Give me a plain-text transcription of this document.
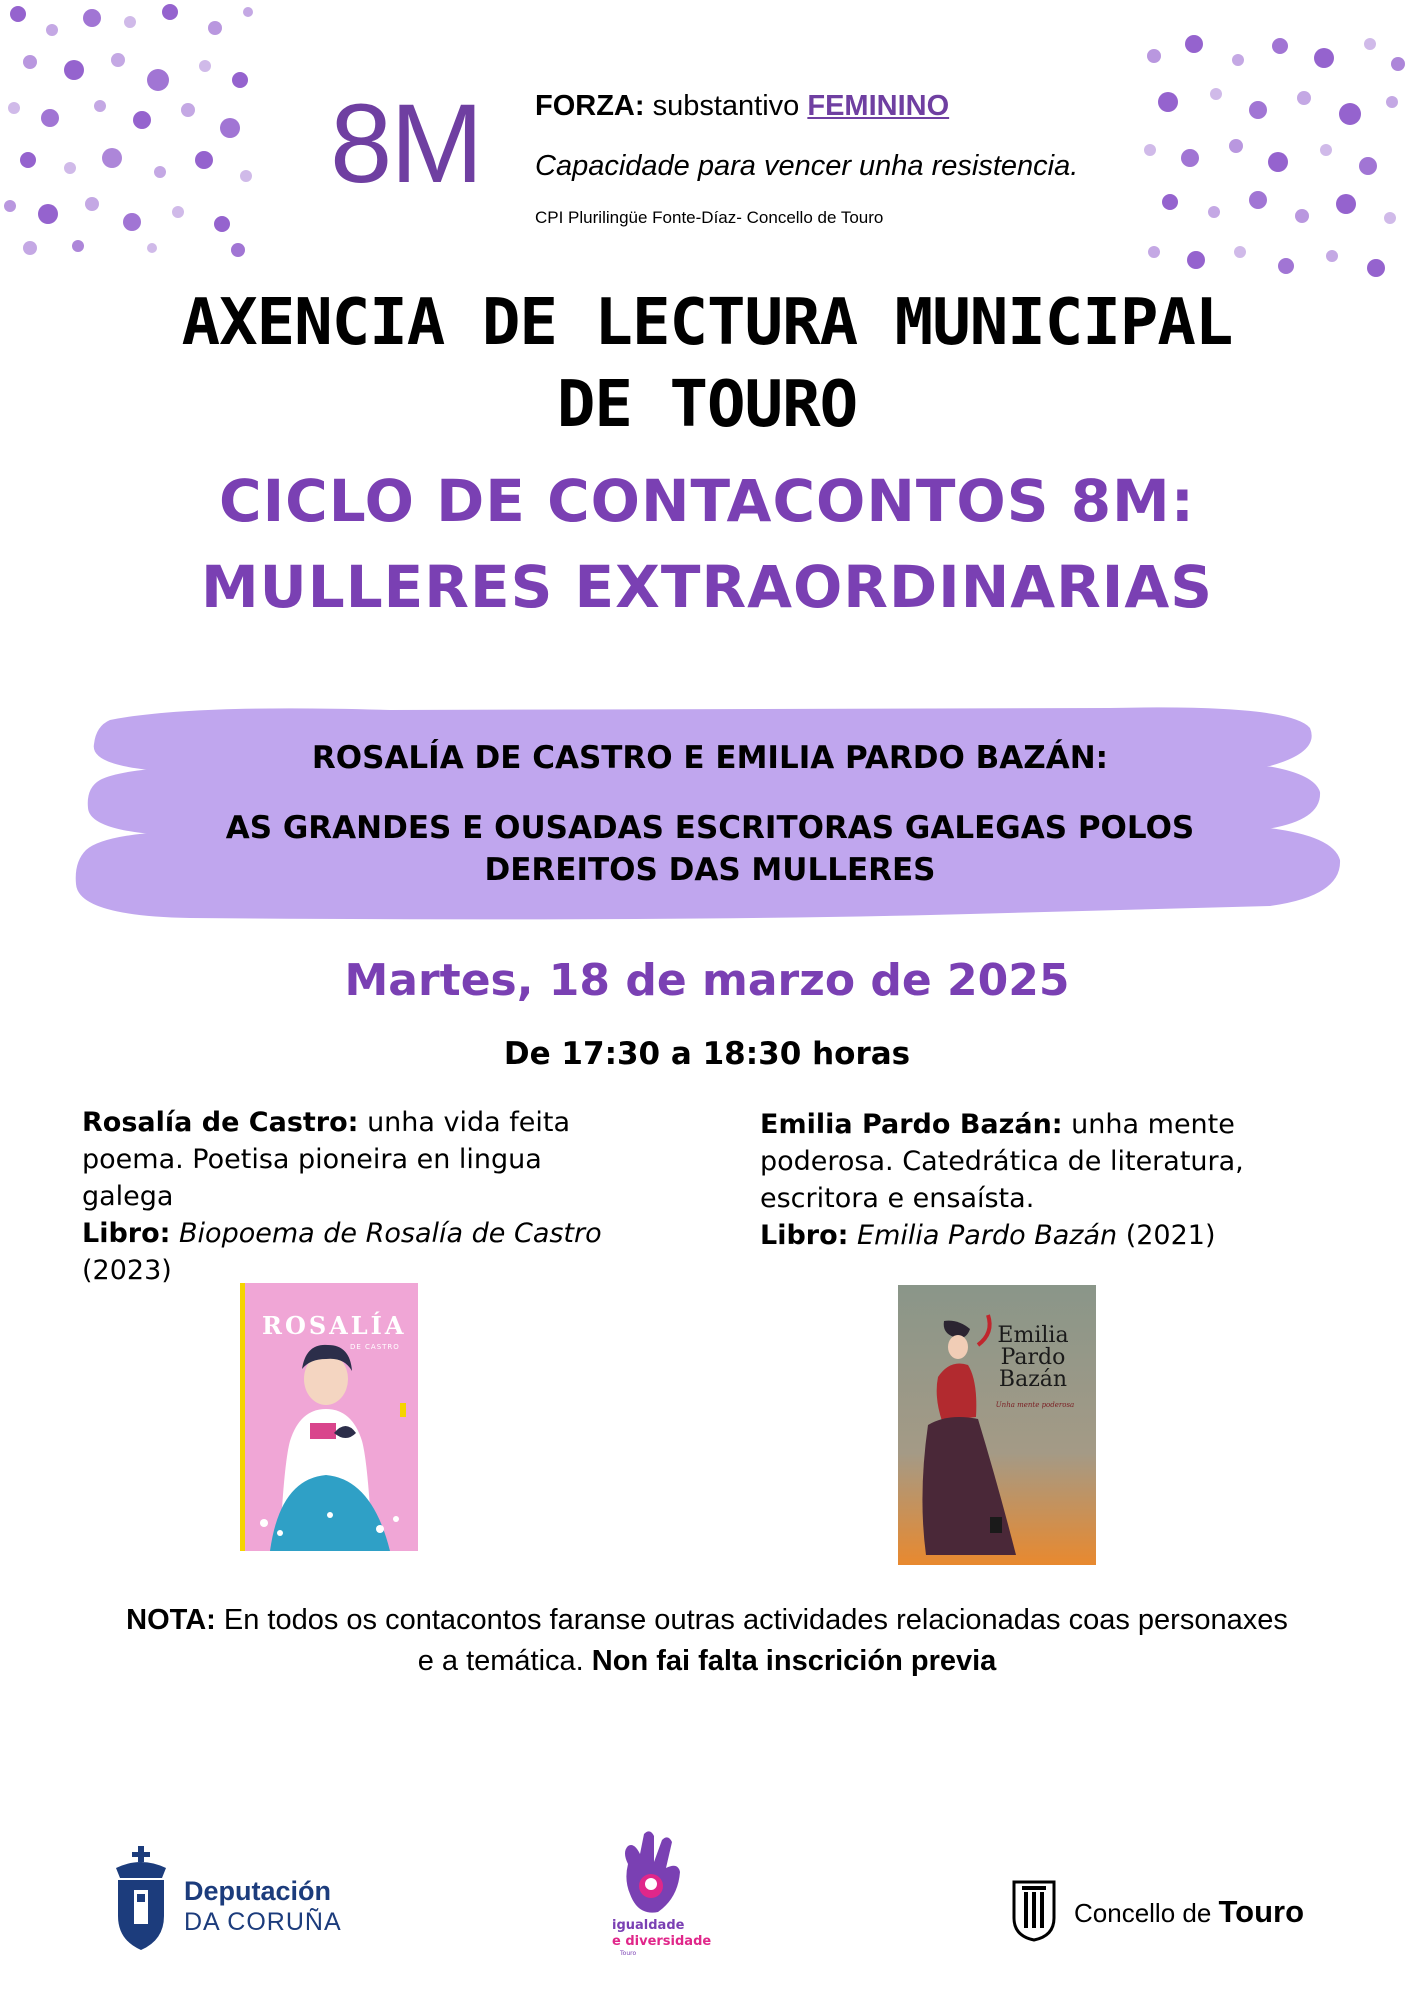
8M FORZA: substantivo FEMININO
Capacidade para vencer unha resistencia.
CPI Plurilingüe Fonte-Díaz- Concello de Touro
AXENCIA DE LECTURA MUNICIPAL
DE TOURO
CICLO DE CONTACONTOS 8M:
MULLERES EXTRAORDINARIAS
ROSALÍA DE CASTRO E EMILIA PARDO BAZÁN:
AS GRANDES E OUSADAS ESCRITORAS GALEGAS POLOS
DEREITOS DAS MULLERES
Martes, 18 de marzo de 2025
De 17:30 a 18:30 horas
Rosalía de Castro: unha vida feita
poema. Poetisa pioneira en lingua
galega
Libro: Biopoema de Rosalía de Castro
(2023)
ROSALÍA
DE CASTRO
Emilia Pardo Bazán: unha mente
poderosa. Catedrática de literatura,
escritora e ensaísta.
Libro: Emilia Pardo Bazán (2021)
Emilia
Pardo
Bazán
Unha mente poderosa
NOTA: En todos os contacontos faranse outras actividades relacionadas coas personaxes
e a temática. Non fai falta inscrición previa
Deputación
DA CORUÑA	igualdade
e diversidade
Touro
Concello de Touro
